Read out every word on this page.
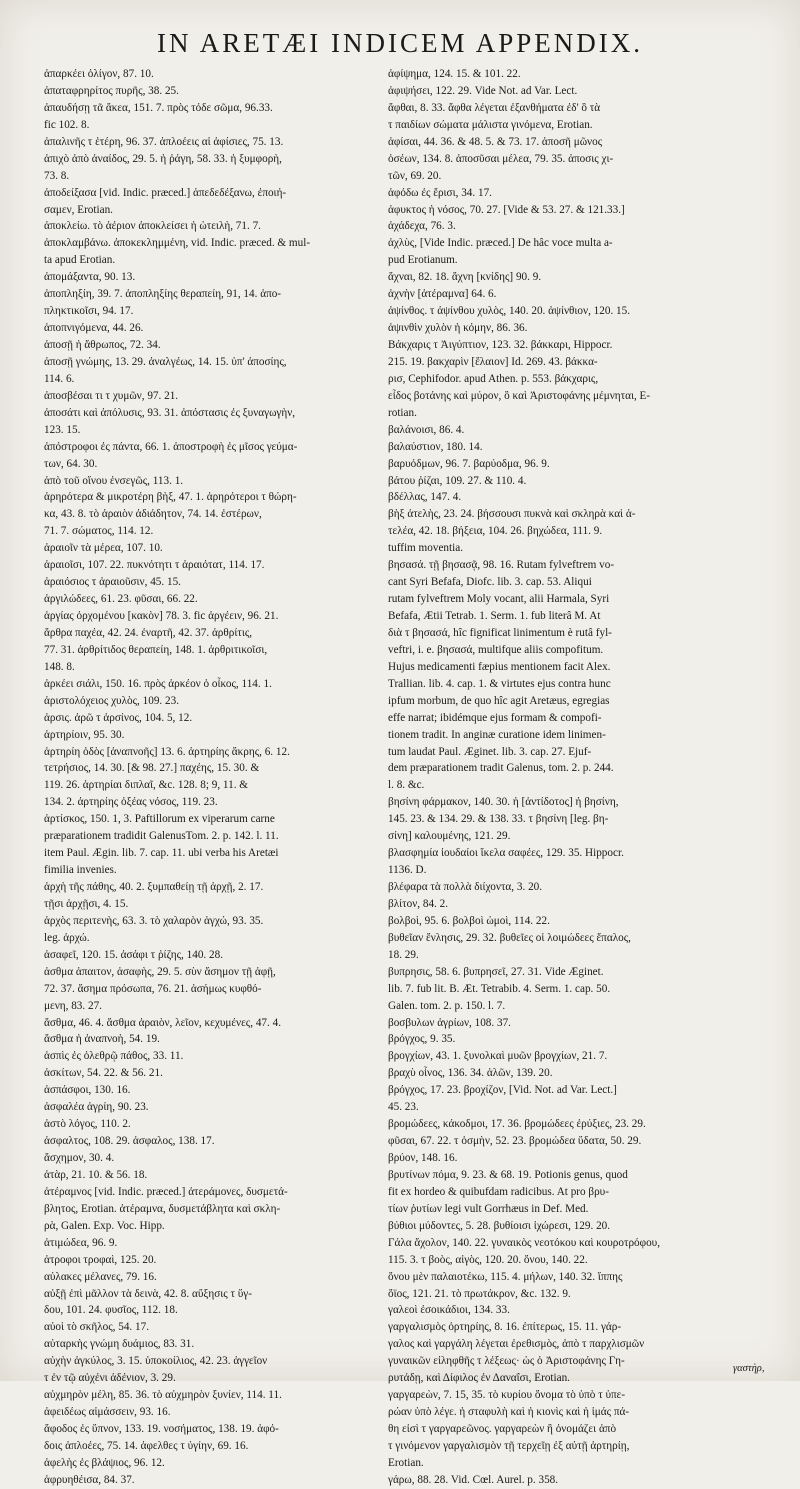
IN ARETÆI INDICEM APPENDIX.
ἀπαρκέει ὀλίγον, 87. 10.
ἀπαταφρηρίτος πυρῆς, 38. 25.
ἀπαυδήσῃ τᾶ ἄκεα, 151. 7. πρὸς τόδε σῶμα, 96.33.
fic 102. 8.
ἀπαλινῆς τ ἑτέρη, 96. 37. ἀπλοέεις αἱ ἀφίσιες, 75. 13.
ἀπιχὸ ἀπὸ ἀναίδος, 29. 5. ἡ ῥάγη, 58. 33. ἡ ξυμφορὴ,
73. 8.
ἀποδείξασα [vid. Indic. præced.] ἀπεδεδέξανω, ἐποιή-
σαμεν, Erotian.
ἀποκλείω. τὸ ἀέριον ἀποκλείσει ἡ ὠτειλὴ, 71. 7.
ἀποκλαμβάνω. ἀποκεκλημμένη, vid. Indic. præced. & mul-
ta apud Erotian.
ἀπομάξαντα, 90. 13.
ἀποπληξίη, 39. 7. ἀποπληξίης θεραπείη, 91, 14. ἀπο-
πληκτικοῖσι, 94. 17.
ἀποπνιγόμενα, 44. 26.
ἀποσῇ ἡ ἄθρωπος, 72. 34.
ἀποσῇ γνώμης, 13. 29. ἀναλγέως, 14. 15. ὑπ' ἀποσίης,
114. 6.
ἀποσβέσαι τι τ χυμῶν, 97. 21.
ἀποσάτι καὶ ἀπόλυσις, 93. 31. ἀπόστασις ἐς ξυναγωγὴν,
123. 15.
ἀπόστροφοι ἐς πάντα, 66. 1. ἀποστροφὴ ἐς μῖσος γεύμα-
των, 64. 30.
ἀπὸ τοῦ οἴνου ἐνσεγῶς, 113. 1.
ἀρηρότερα & μικροτέρη βὴξ, 47. 1. ἀρηρότεροι τ θώρη-
κα, 43. 8. τὸ ἀραιὸν ἀδιάδητον, 74. 14. ἐστέρων,
71. 7. σώματος, 114. 12.
ἀραιοῖν τὰ μέρεα, 107. 10.
ἀραιοῖσι, 107. 22. πυκνότητι τ ἀραιότατ, 114. 17.
ἀραιόσιος τ ἀραιοῦσιν, 45. 15.
ἀργιλώδεες, 61. 23. φῦσαι, 66. 22.
ἀργίας ὀρχομένου [κακὸν] 78. 3. fic ἀργέειν, 96. 21.
ἄρθρα παχέα, 42. 24. ἐναρτῆ, 42. 37. ἀρθρίτις,
77. 31. ἀρθρίτιδος θεραπείη, 148. 1. ἀρθριτικοῖσι,
148. 8.
ἀρκέει σιάλι, 150. 16. πρὸς ἀρκέον ὁ οἶκος, 114. 1.
ἀριστολόχειος χυλὸς, 109. 23.
ἀρσις. ἀρῶ τ ἀρσίνος, 104. 5, 12.
ἀρτηρίοιν, 95. 30.
ἀρτηρίη ὁδὸς [ἀναπνοῆς] 13. 6. ἀρτηρίης ἄκρης, 6. 12.
τετρήσιος, 14. 30. [& 98. 27.] παχέης, 15. 30. &
119. 26. ἀρτηρίαι διπλαῖ, &c. 128. 8; 9, 11. &
134. 2. ἀρτηρίης ὀξέας νόσος, 119. 23.
ἀρτίσκος, 150. 1, 3. Paftillorum ex viperarum carne
præparationem tradidit GalenusTom. 2. p. 142. l. 11.
item Paul. Ægin. lib. 7. cap. 11. ubi verba his Aretæi
fimilia invenies.
ἀρχὴ τῆς πάθης, 40. 2. ξυμπαθείῃ τῇ ἀρχῇ, 2. 17.
τῇσι ἀρχῇσι, 4. 15.
ἀρχὸς περιτενὴς, 63. 3. τὸ χαλαρὸν ἀγχώ, 93. 35.
leg. ἀρχώ.
ἀσαφεῖ, 120. 15. ἀσάφι τ ῥίζης, 140. 28.
ἀσθμα ἀπαιτον, ἀσαφὴς, 29. 5. σὺν ἄσημον τῇ ἀφῇ,
72. 37. ἄσημα πρόσωπα, 76. 21. ἀσήμως κυφθό-
μενη, 83. 27.
ἄσθμα, 46. 4. ἄσθμα ἀραιὸν, λεῖον, κεχυμένες, 47. 4.
ἄσθμα ἡ ἀναπνοὴ, 54. 19.
ἀσπὶς ἐς ὀλεθρῷ πάθος, 33. 11.
ἀσκίτων, 54. 22. & 56. 21.
ἀσπάσφοι, 130. 16.
ἀσφαλέα ἀγρίη, 90. 23.
ἀστὸ λόγος, 110. 2.
ἀσφαλτος, 108. 29. ἀσφαλος, 138. 17.
ἄσχημον, 30. 4.
ἀτὰρ, 21. 10. & 56. 18.
ἀτέραμνος [vid. Indic. præced.] ἀτεράμονες, δυσμετά-
βλητος, Erotian. ἀτέραμνα, δυσμετάβλητα καὶ σκλη-
ρὰ, Galen. Exp. Voc. Hipp.
ἀτιμώδεα, 96. 9.
ἀτροφοι τροφαὶ, 125. 20.
αὐλακες μέλανες, 79. 16.
αὐξῇ ἐπὶ μᾶλλον τὰ δεινὰ, 42. 8. αὔξησις τ ὕγ-
δου, 101. 24. φυσῖος, 112. 18.
αὐοὶ τὸ σκῆλος, 54. 17.
αὐταρκὴς γνώμη δυάμιος, 83. 31.
αὐχὴν ἀγκύλος, 3. 15. ὑποκοίλιος, 42. 23. ἀγγεῖον
τ ἐν τῷ αὐχένι ἀδένιον, 3. 29.
αὐχμηρὸν μέλη, 85. 36. τὸ αὐχμηρὸν ξυνίεν, 114. 11.
ἀφειδέως αἱμάσσειν, 93. 16.
ἄφοδος ἐς ὕπνον, 133. 19. νοσήματος, 138. 19. ἀφό-
δοις ἀπλοέες, 75. 14. ἀφελθες τ ὑγίην, 69. 16.
ἀφελὴς ἐς βλάψιος, 96. 12.
ἀφρυηθέισα, 84. 37.
ἀφίψημα, 124. 15. & 101. 22.
ἀφιψήσει, 122. 29. Vide Not. ad Var. Lect.
ἄφθαι, 8. 33. ἄφθα λέγεται ἐξανθήματα ἐδ' ὃ τὰ
τ παιδίων σώματα μάλιστα γινόμενα, Erotian.
ἀφίσαι, 44. 36. & 48. 5. & 73. 17. ἀποσῆ μῶνος
ὀσέων, 134. 8. ἀποσῦσαι μέλεα, 79. 35. ἀποσις χι-
τῶν, 69. 20.
ἀφόδω ἐς ἔρισι, 34. 17.
ἀφυκτος ἡ νόσος, 70. 27. [Vide & 53. 27. & 121.33.]
ἀχάδεχα, 76. 3.
ἀχλὺς, [Vide Indic. præced.] De hâc voce multa a-
pud Erotianum.
ἄχναι, 82. 18. ἄχνη [κνίδης] 90. 9.
ἀχνὴν [ἀτέραμνα] 64. 6.
ἀψίνθος. τ ἀψίνθου χυλὸς, 140. 20. ἀψίνθιον, 120. 15.
ἀψινθὶν χυλὸν ἡ κόμην, 86. 36.
Βάκχαρις τ Ἀιγύπτιον, 123. 32. βάκκαρι, Hippocr.
215. 19. βακχαρὶν [ἔλαιον] Id. 269. 43. βάκκα-
ρισ, Cephifodor. apud Athen. p. 553. βάκχαρις,
εἶδος βοτάνης καὶ μύρον, ὃ καὶ Ἀριστοφάνης μέμνηται, E-
rotian.
βαλάνοισι, 86. 4.
βαλαύστιον, 180. 14.
βαρυόδμων, 96. 7. βαρύοδμα, 96. 9.
βάτου ῥίζαι, 109. 27. & 110. 4.
βδέλλας, 147. 4.
βὴξ ἀτελὴς, 23. 24. βήσσουσι πυκνὰ καὶ σκληρὰ καὶ ἀ-
τελέα, 42. 18. βήξεια, 104. 26. βηχώδεα, 111. 9.
tuffim moventia.
βησασά. τῇ βησασᾷ, 98. 16. Rutam fylveftrem vo-
cant Syri Befafa, Diofc. lib. 3. cap. 53. Aliqui
rutam fylveftrem Moly vocant, alii Harmala, Syri
Befafa, Ætii Tetrab. 1. Serm. 1. fub literâ M. At
διὰ τ βησασά, hîc fignificat linimentum è rutâ fyl-
veftri, i. e. βησασά, multifque aliis compofitum.
Hujus medicamenti fæpius mentionem facit Alex.
Trallian. lib. 4. cap. 1. & virtutes ejus contra hunc
ipfum morbum, de quo hîc agit Aretæus, egregias
effe narrat; ibidémque ejus formam & compofi-
tionem tradit. In anginæ curatione idem linimen-
tum laudat Paul. Æginet. lib. 3. cap. 27. Ejuf-
dem præparationem tradit Galenus, tom. 2. p. 244.
l. 8. &c.
βησίνη φάρμακον, 140. 30. ἡ [ἀντίδοτος] ἡ βησίνη,
145. 23. & 134. 29. & 138. 33. τ βησίνη [leg. βη-
σίνη] καλουμένης, 121. 29.
βλασφημία ἰουδαίοι ἴκελα σαφέες, 129. 35. Hippocr.
1136. D.
βλέφαρα τὰ πολλὰ διίχοντα, 3. 20.
βλίτον, 84. 2.
βολβοὶ, 95. 6. βολβοὶ ὠμοὶ, 114. 22.
βυθεῖαν ἔνλησις, 29. 32. βυθεῖες οἱ λοιμώδεες ἕπαλος,
18. 29.
βυπρησις, 58. 6. βυπρησεῖ, 27. 31. Vide Æginet.
lib. 7. fub lit. B. Æt. Tetrabib. 4. Serm. 1. cap. 50.
Galen. tom. 2. p. 150. l. 7.
βοσβυλων ἀγρίων, 108. 37.
βρόγχος, 9. 35.
βρογχίων, 43. 1. ξυνολκαὶ μυῶν βρογχίων, 21. 7.
βραχὺ οἶνος, 136. 34. ἀλῶν, 139. 20.
βρόγχος, 17. 23. βροχίζον, [Vid. Not. ad Var. Lect.]
45. 23.
βρομώδεες, κάκοδμοι, 17. 36. βρομώδεες ἐρύξιες, 23. 29.
φῦσαι, 67. 22. τ ὀσμὴν, 52. 23. βρομώδεα ὕδατα, 50. 29.
βρύον, 148. 16.
βρυτίνων πόμα, 9. 23. & 68. 19. Potionis genus, quod
fit ex hordeo & quibufdam radicibus. At pro βρυ-
τίων ῥυτίων legi vult Gorrhæus in Def. Med.
βύθιοι μύδοντες, 5. 28. βυθίοισι ἰχώρεσι, 129. 20.
Γάλα ἄχολον, 140. 22. γυναικὸς νεοτόκου καὶ κουροτρόφου,
115. 3. τ βοὸς, αἰγὸς, 120. 20. ὄνου, 140. 22.
ὄνου μὲν παλαιοτέκω, 115. 4. μήλων, 140. 32. ἵππης
ὄϊος, 121. 21. τὸ πρωτάκρον, &c. 132. 9.
γαλεοὶ ἐσοικάδιοι, 134. 33.
γαργαλισμὸς ὀρτηρίης, 8. 16. ἐπίτερως, 15. 11. γάρ-
γαλος καὶ γαργάλη λέγεται ἐρεθισμὸς, ἀπὸ τ παρχλισμῶν
γυναικῶν εἰληφθῆς τ λέξεως· ὡς ὁ Ἀριστοφάνης Γη-
ρυτάδῃ, καὶ Δίφιλος ἐν Δαναΐσι, Erotian.
γαργαρεὼν, 7. 15, 35. τὸ κυρίου ὄνομα τὸ ὑπὸ τ ὑπε-
ρώαν ὑπὸ λέγε. ἡ σταφυλὴ καὶ ἡ κιονὶς καὶ ἡ ἱμάς πά-
θη εἰσὶ τ γαργαρεῶνος. γαργαρεὼν ἢ ὀνομάζει ἀπὸ
τ γινόμενον γαργαλισμὸν τῇ τερχεῖῃ ἐξ αὐτῇ ἀρτηρίῃ,
Erotian.
γάρω, 88. 28. Vid. Cœl. Aurel. p. 358.
γαστὴρ,
